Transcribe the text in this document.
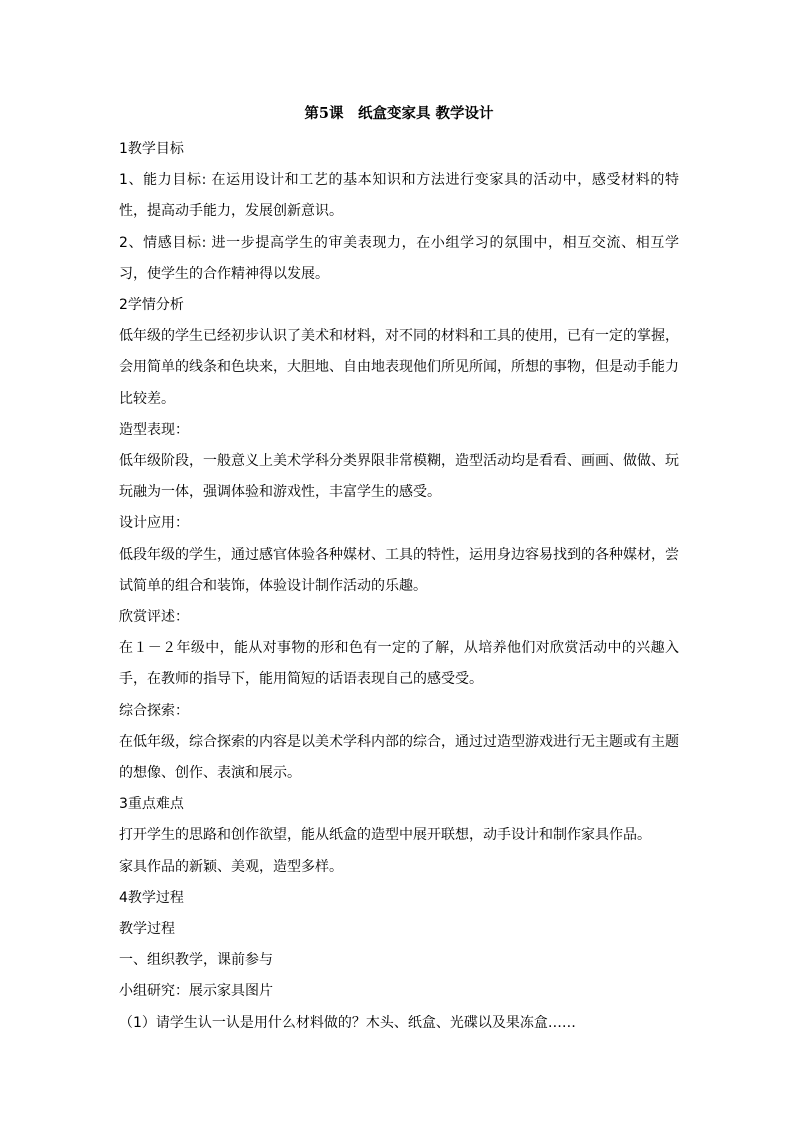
第5课　纸盒变家具 教学设计

1教学目标

1、能力目标: 在运用设计和工艺的基本知识和方法进行变家具的活动中，感受材料的特性，提高动手能力，发展创新意识。

2、情感目标: 进一步提高学生的审美表现力，在小组学习的氛围中，相互交流、相互学习，使学生的合作精神得以发展。

2学情分析

低年级的学生已经初步认识了美术和材料，对不同的材料和工具的使用，已有一定的掌握，会用简单的线条和色块来，大胆地、自由地表现他们所见所闻，所想的事物，但是动手能力比较差。

造型表现：

低年级阶段，一般意义上美术学科分类界限非常模糊，造型活动均是看看、画画、做做、玩玩融为一体，强调体验和游戏性，丰富学生的感受。

设计应用：

低段年级的学生，通过感官体验各种媒材、工具的特性，运用身边容易找到的各种媒材，尝试简单的组合和装饰，体验设计制作活动的乐趣。

欣赏评述：

在１－２年级中，能从对事物的形和色有一定的了解，从培养他们对欣赏活动中的兴趣入手，在教师的指导下，能用简短的话语表现自己的感受受。

综合探索：

在低年级，综合探索的内容是以美术学科内部的综合，通过过造型游戏进行无主题或有主题的想像、创作、表演和展示。

3重点难点

打开学生的思路和创作欲望，能从纸盒的造型中展开联想，动手设计和制作家具作品。

家具作品的新颖、美观，造型多样。

4教学过程

教学过程

一、组织教学，课前参与

小组研究：展示家具图片

（1）请学生认一认是用什么材料做的？木头、纸盒、光碟以及果冻盒……
